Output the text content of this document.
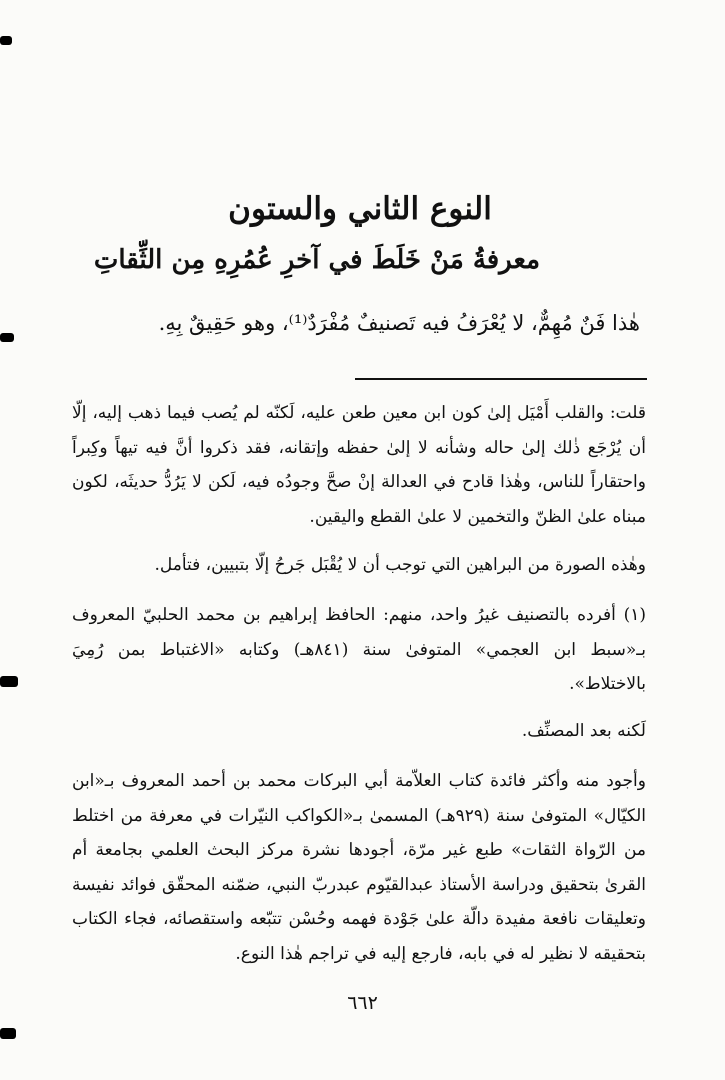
النوع الثاني والستون
معرفةُ مَنْ خَلَطَ في آخرِ عُمُرِهِ مِن الثِّقاتِ
هٰذا فَنٌ مُهِمٌّ، لا يُعْرَفُ فيه تَصنيفٌ مُفْرَدٌ⁽¹⁾، وهو حَقِيقٌ بِهِ.
قلت: والقلب أَمْيَل إلىٰ كون ابن معين طعن عليه، لَكنّه لم يُصب فيما ذهب إليه، إلّا أن يُرْجَع ذٰلك إلىٰ حاله وشأنه لا إلىٰ حفظه وإتقانه، فقد ذكروا أنَّ فيه تيهاً وكِبراً واحتقاراً للناس، وهٰذا قادح في العدالة إنْ صحَّ وجودُه فيه، لَكن لا يَرُدُّ حديثَه، لكون مبناه علىٰ الظنّ والتخمين لا علىٰ القطع واليقين.
وهٰذه الصورة من البراهين التي توجب أن لا يُقْبَل جَرحُ إلّا بتبيين، فتأمل.
(١) أفرده بالتصنيف غيرُ واحد، منهم: الحافظ إبراهيم بن محمد الحلبيّ المعروف بـ«سبط ابن العجمي» المتوفىٰ سنة (٨٤١هـ) وكتابه «الاغتباط بمن رُمِيَ بالاختلاط».
لَكنه بعد المصنِّف.
وأجود منه وأكثر فائدة كتاب العلاّمة أبي البركات محمد بن أحمد المعروف بـ«ابن الكيّال» المتوفىٰ سنة (٩٢٩هـ) المسمىٰ بـ«الكواكب النيّرات في معرفة من اختلط من الرّواة الثقات» طبع غير مرّة، أجودها نشرة مركز البحث العلمي بجامعة أم القرىٰ بتحقيق ودراسة الأستاذ عبدالقيّوم عبدربّ النبي، ضمّنه المحقّق فوائد نفيسة وتعليقات نافعة مفيدة دالّة علىٰ جَوْدة فهمه وحُسْن تتبّعه واستقصائه، فجاء الكتاب بتحقيقه لا نظير له في بابه، فارجع إليه في تراجم هٰذا النوع.
٦٦٢
